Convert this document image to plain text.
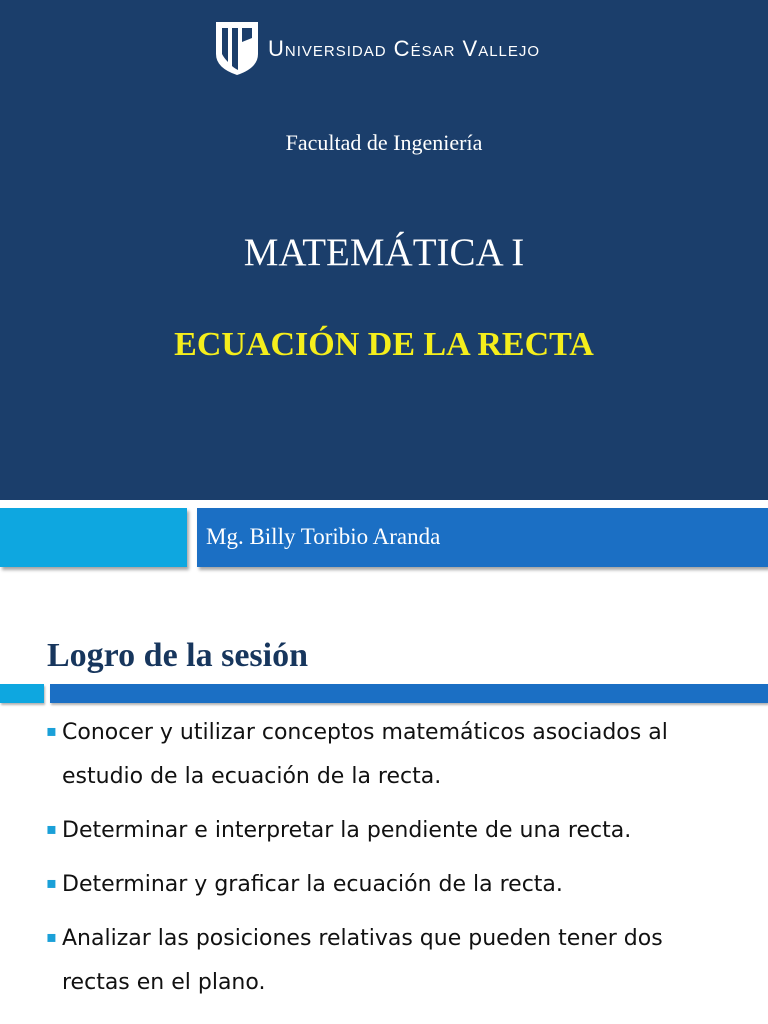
Universidad César Vallejo
Facultad de Ingeniería
MATEMÁTICA I
ECUACIÓN DE LA RECTA
Mg. Billy Toribio Aranda
Logro de la sesión
▪ Conocer y utilizar conceptos matemáticos asociados al estudio de la ecuación de la recta.
▪ Determinar e interpretar la pendiente de una recta.
▪ Determinar y graficar la ecuación de la recta.
▪ Analizar las posiciones relativas que pueden tener dos rectas en el plano.
